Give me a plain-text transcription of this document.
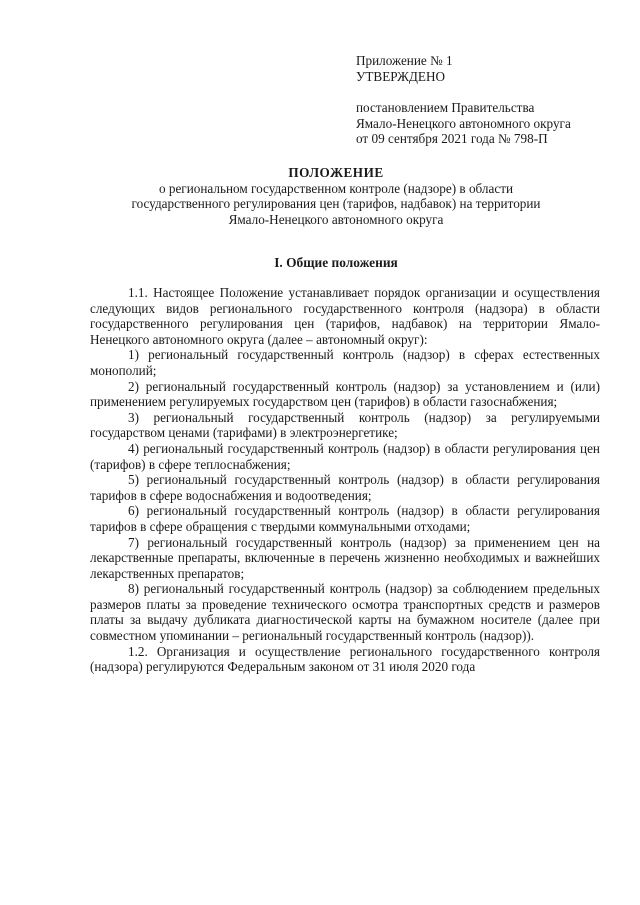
Приложение № 1
УТВЕРЖДЕНО
постановлением Правительства
Ямало-Ненецкого автономного округа
от 09 сентября 2021 года № 798-П
ПОЛОЖЕНИЕ
о региональном государственном контроле (надзоре) в области
государственного регулирования цен (тарифов, надбавок) на территории
Ямало-Ненецкого автономного округа
I. Общие положения

1.1. Настоящее Положение устанавливает порядок организации и осуществления следующих видов регионального государственного контроля (надзора) в области государственного регулирования цен (тарифов, надбавок) на территории Ямало-Ненецкого автономного округа (далее – автономный округ):

1) региональный государственный контроль (надзор) в сферах естественных монополий;

2) региональный государственный контроль (надзор) за установлением и (или) применением регулируемых государством цен (тарифов) в области газоснабжения;

3) региональный государственный контроль (надзор) за регулируемыми государством ценами (тарифами) в электроэнергетике;

4) региональный государственный контроль (надзор) в области регулирования цен (тарифов) в сфере теплоснабжения;

5) региональный государственный контроль (надзор) в области регулирования тарифов в сфере водоснабжения и водоотведения;

6) региональный государственный контроль (надзор) в области регулирования тарифов в сфере обращения с твердыми коммунальными отходами;

7) региональный государственный контроль (надзор) за применением цен на лекарственные препараты, включенные в перечень жизненно необходимых и важнейших лекарственных препаратов;

8) региональный государственный контроль (надзор) за соблюдением предельных размеров платы за проведение технического осмотра транспортных средств и размеров платы за выдачу дубликата диагностической карты на бумажном носителе (далее при совместном упоминании – региональный государственный контроль (надзор)).

1.2. Организация и осуществление регионального государственного контроля (надзора) регулируются Федеральным законом от 31 июля 2020 года
